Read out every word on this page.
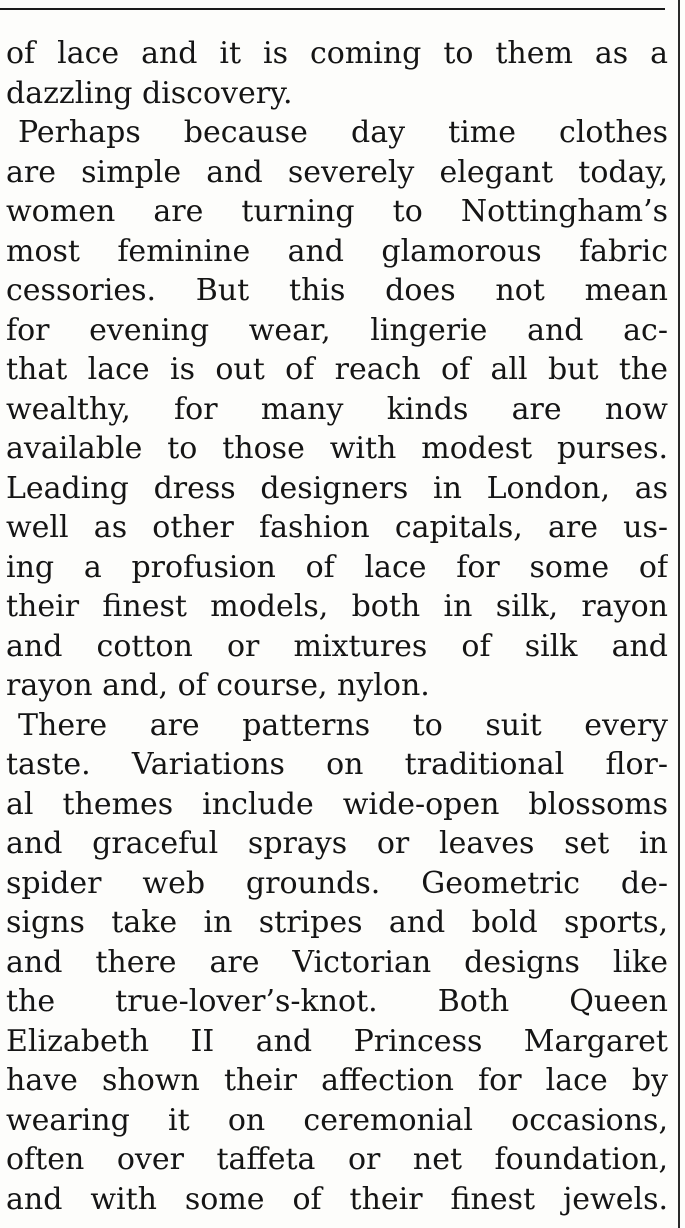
of lace and it is coming to them as a
dazzling discovery.
Perhaps because day time clothes
are simple and severely elegant today,
women are turning to Nottingham’s
most feminine and glamorous fabric
cessories. But this does not mean
for evening wear, lingerie and ac-
that lace is out of reach of all but the
wealthy, for many kinds are now
available to those with modest purses.
Leading dress designers in London, as
well as other fashion capitals, are us-
ing a profusion of lace for some of
their finest models, both in silk, rayon
and cotton or mixtures of silk and
rayon and, of course, nylon.
There are patterns to suit every
taste. Variations on traditional flor-
al themes include wide-open blossoms
and graceful sprays or leaves set in
spider web grounds. Geometric de-
signs take in stripes and bold sports,
and there are Victorian designs like
the true-lover’s-knot. Both Queen
Elizabeth II and Princess Margaret
have shown their affection for lace by
wearing it on ceremonial occasions,
often over taffeta or net foundation,
and with some of their finest jewels.
